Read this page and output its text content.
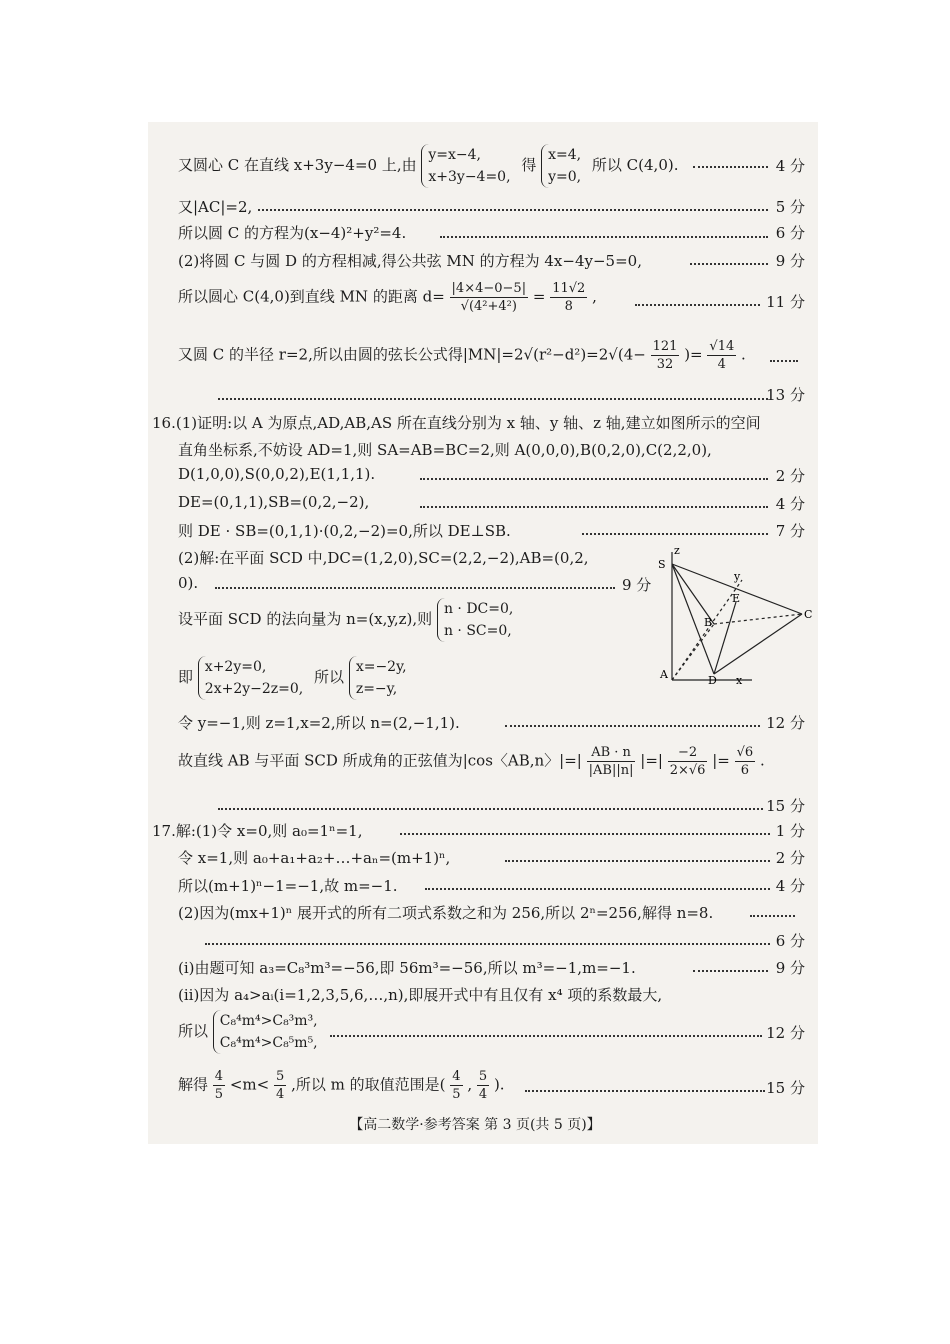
又圆心 C 在直线 x+3y−4=0 上,由 y=x−4,
x+3y−4=0, 得 x=4,
y=0, 所以 C(4,0).	4 分
又|AC|=2,	5 分
所以圆 C 的方程为(x−4)²+y²=4.	6 分
(2)将圆 C 与圆 D 的方程相减,得公共弦 MN 的方程为 4x−4y−5=0,	9 分
所以圆心 C(4,0)到直线 MN 的距离 $d= \frac{|4\times 4-0-5|}{\text{√(4²+4²)}} = \frac{11√2}{8}$ ,	11 分
又圆 C 的半径 r=2,所以由圆的弦长公式得$|MN|=2√(r^2-d^2)=2√(4- \frac{121}{32}$ )= $\frac{√14}{4}$ .
13 分
16.(1)证明:以 A 为原点,AD,AB,AS 所在直线分别为 x 轴、y 轴、z 轴,建立如图所示的空间
直角坐标系,不妨设 AD=1,则 SA=AB=BC=2,则 A(0,0,0),B(0,2,0),C(2,2,0),
D(1,0,0),S(0,0,2),E(1,1,1).	2 分
DE=(0,1,1),SB=(0,2,−2),	4 分
则 DE · SB=(0,1,1)·(0,2,−2)=0,所以 DE⊥SB.	7 分
(2)解:在平面 SCD 中,DC=(1,2,0),SC=(2,2,−2),AB=(0,2,
0).	9 分
设平面 SCD 的法向量为 n=(x,y,z),则 n · DC=0,
n · SC=0,
即 x+2y=0,
2x+2y−2z=0, 所以 x=−2y,
z=−y,
令 y=−1,则 z=1,x=2,所以 n=(2,−1,1).	12 分
故直线 AB 与平面 SCD 所成角的正弦值为|cos〈AB,n〉|=| $\frac{AB \cdot n}{|AB||n|}$ |=| $\frac{-2}{2\times√6}$ |= $\frac{√6}{6}$ .
15 分
z
S
y
E
B
C
A	D x
17.解:(1)令 x=0,则 a₀=1ⁿ=1,	1 分
令 x=1,则 a₀+a₁+a₂+…+aₙ=(m+1)ⁿ,	2 分
所以(m+1)ⁿ−1=−1,故 m=−1.	4 分
(2)因为(mx+1)ⁿ 展开式的所有二项式系数之和为 256,所以 2ⁿ=256,解得 n=8.
6 分
(ⅰ)由题可知 a₃=C₈³m³=−56,即 56m³=−56,所以 m³=−1,m=−1.	9 分
(ⅱ)因为 a₄>aᵢ(i=1,2,3,5,6,…,n),即展开式中有且仅有 x⁴ 项的系数最大,
所以 C₈⁴m⁴>C₈³m³,
C₈⁴m⁴>C₈⁵m⁵,
12 分
解得 $\frac{4}{5} <m< \frac{5}{4}$ ,所以 m 的取值范围是( $\frac{4}{5}$ , $\frac{5}{4}$ ).	15 分
【高二数学·参考答案 第 3 页(共 5 页)】
